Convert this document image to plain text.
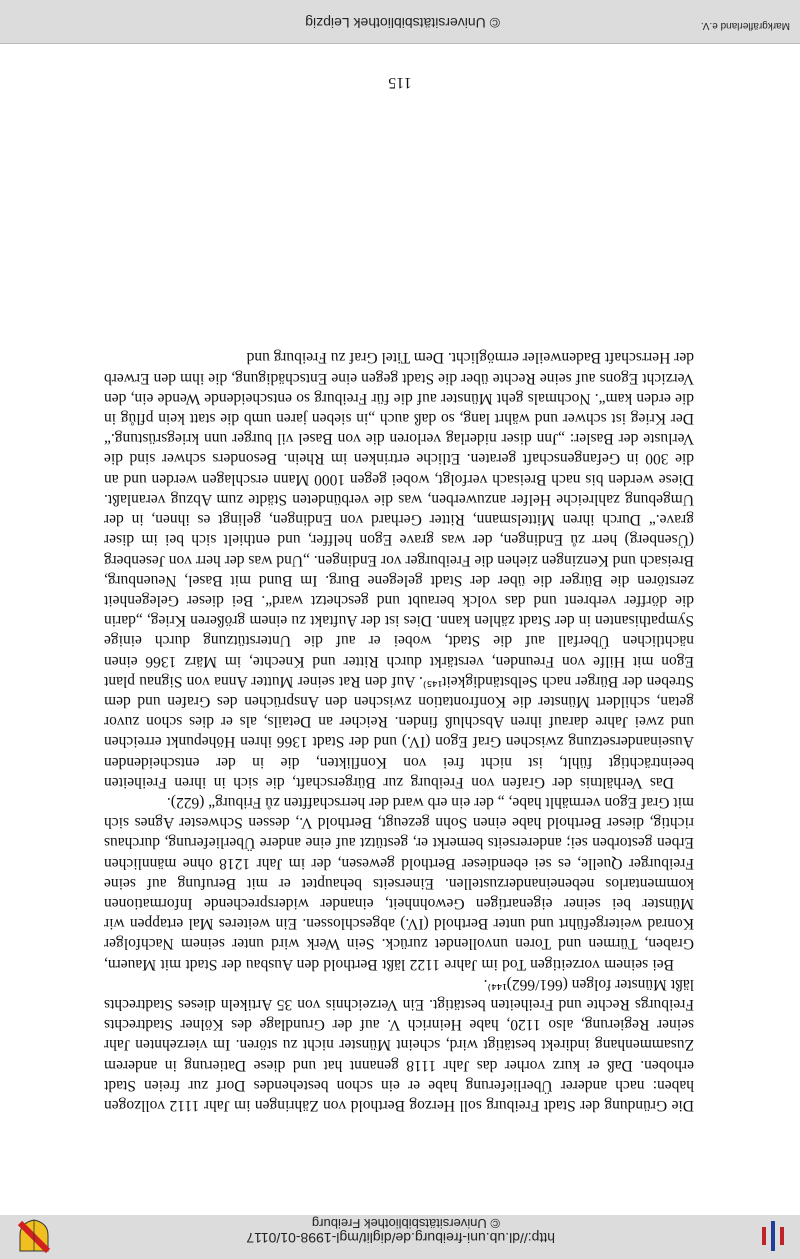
http://dl.ub.uni-freiburg.de/diglit/mgl-1998-01/0117
© Universitätsbibliothek Freiburg

Die Gründung der Stadt Freiburg soll Herzog Berthold von Zähringen im Jahr 1112 vollzogen haben: nach anderer Überlieferung habe er ein schon bestehendes Dorf zur freien Stadt erhoben. Daß er kurz vorher das Jahr 1118 genannt hat und diese Datierung in anderem Zusammenhang indirekt bestätigt wird, scheint Münster nicht zu stören. Im vierzehnten Jahr seiner Regierung, also 1120, habe Heinrich V. auf der Grundlage des Kölner Stadtrechts Freiburgs Rechte und Freiheiten bestätigt. Ein Verzeichnis von 35 Artikeln dieses Stadtrechts läßt Münster folgen (661/662)¹⁴⁴⁾.

Bei seinem vorzeitigen Tod im Jahre 1122 läßt Berthold den Ausbau der Stadt mit Mauern, Graben, Türmen und Toren unvollendet zurück. Sein Werk wird unter seinem Nachfolger Konrad weitergeführt und unter Berthold (IV.) abgeschlossen. Ein weiteres Mal ertappen wir Münster bei seiner eigenartigen Gewohnheit, einander widersprechende Informationen kommentarlos nebeneinanderzustellen. Einerseits behauptet er mit Berufung auf seine Freiburger Quelle, es sei ebendieser Berthold gewesen, der im Jahr 1218 ohne männlichen Erben gestorben sei; andererseits bemerkt er, gestützt auf eine andere Überlieferung, durchaus richtig, dieser Berthold habe einen Sohn gezeugt, Berthold V., dessen Schwester Agnes sich mit Graf Egon vermählt habe, „ der ein erb ward der herrschafften zů Friburg“ (622).

Das Verhältnis der Grafen von Freiburg zur Bürgerschaft, die sich in ihren Freiheiten beeinträchtigt fühlt, ist nicht frei von Konflikten, die in der entscheidenden Auseinandersetzung zwischen Graf Egon (IV.) und der Stadt 1366 ihren Höhepunkt erreichen und zwei Jahre darauf ihren Abschluß finden. Reicher an Details, als er dies schon zuvor getan, schildert Münster die Konfrontation zwischen den Ansprüchen des Grafen und dem Streben der Bürger nach Selbständigkeit¹⁴⁵⁾. Auf den Rat seiner Mutter Anna von Signau plant Egon mit Hilfe von Freunden, verstärkt durch Ritter und Knechte, im März 1366 einen nächtlichen Überfall auf die Stadt, wobei er auf die Unterstützung durch einige Sympathisanten in der Stadt zählen kann. Dies ist der Auftakt zu einem größeren Krieg, „darin die dörffer verbrent und das volck beraubt und geschetzt ward“. Bei dieser Gelegenheit zerstören die Bürger die über der Stadt gelegene Burg. Im Bund mit Basel, Neuenburg, Breisach und Kenzingen ziehen die Freiburger vor Endingen. „Und was der herr von Jesenberg (Üsenberg) herr zů Endingen, der was grave Egon helffer, und enthielt sich bei im diser grave.“ Durch ihren Mittelsmann, Ritter Gerhard von Endingen, gelingt es ihnen, in der Umgebung zahlreiche Helfer anzuwerben, was die verbündeten Städte zum Abzug veranlaßt. Diese werden bis nach Breisach verfolgt, wobei gegen 1000 Mann erschlagen werden und an die 300 in Gefangenschaft geraten. Etliche ertrinken im Rhein. Besonders schwer sind die Verluste der Basler: „Jnn diser niderlag verloren die von Basel vil burger unn kriegsrüstung.“ Der Krieg ist schwer und währt lang, so daß auch „in sieben jaren umb die statt kein pflůg in die erden kam“. Nochmals geht Münster auf die für Freiburg so entscheidende Wende ein, den Verzicht Egons auf seine Rechte über die Stadt gegen eine Entschädigung, die ihm den Erwerb der Herrschaft Badenweiler ermöglicht. Dem Titel Graf zu Freiburg und

115
Markgräflerland e.V.
© Universitätsbibliothek Leipzig
